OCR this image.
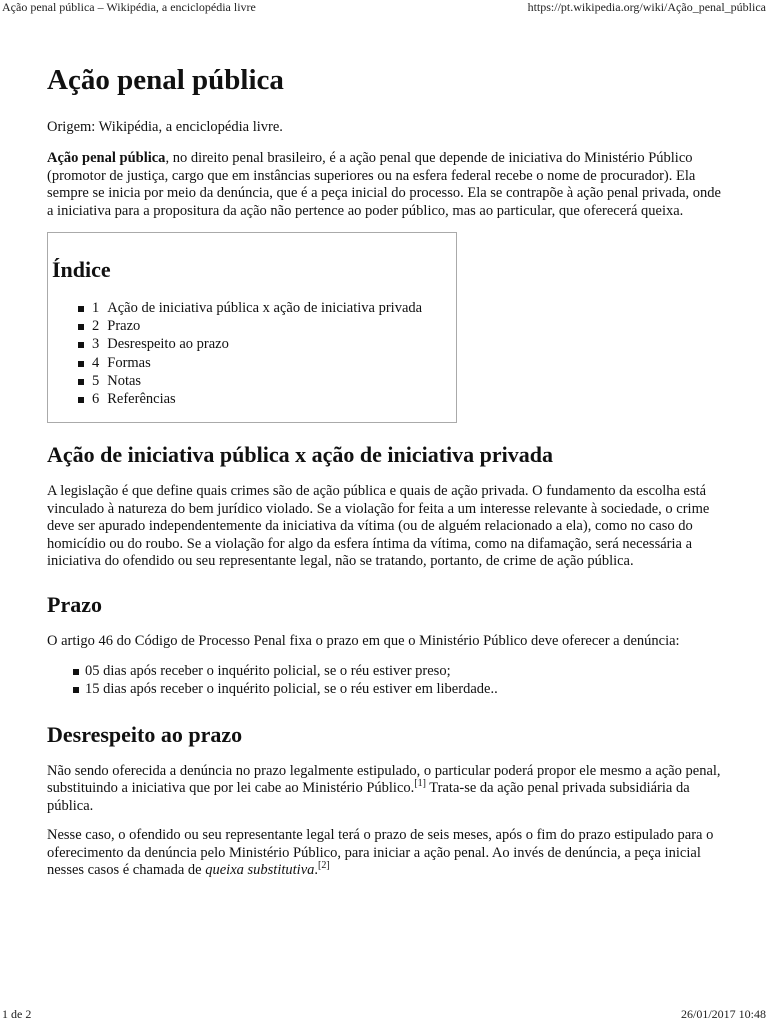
Ação penal pública – Wikipédia, a enciclopédia livre	https://pt.wikipedia.org/wiki/Ação_penal_pública
Ação penal pública
Origem: Wikipédia, a enciclopédia livre.

Ação penal pública, no direito penal brasileiro, é a ação penal que depende de iniciativa do Ministério Público (promotor de justiça, cargo que em instâncias superiores ou na esfera federal recebe o nome de procurador). Ela sempre se inicia por meio da denúncia, que é a peça inicial do processo. Ela se contrapõe à ação penal privada, onde a iniciativa para a propositura da ação não pertence ao poder público, mas ao particular, que oferecerá queixa.

Índice
1 Ação de iniciativa pública x ação de iniciativa privada
2 Prazo
3 Desrespeito ao prazo
4 Formas
5 Notas
6 Referências
Ação de iniciativa pública x ação de iniciativa privada

A legislação é que define quais crimes são de ação pública e quais de ação privada. O fundamento da escolha está vinculado à natureza do bem jurídico violado. Se a violação for feita a um interesse relevante à sociedade, o crime deve ser apurado independentemente da iniciativa da vítima (ou de alguém relacionado a ela), como no caso do homicídio ou do roubo. Se a violação for algo da esfera íntima da vítima, como na difamação, será necessária a iniciativa do ofendido ou seu representante legal, não se tratando, portanto, de crime de ação pública.

Prazo

O artigo 46 do Código de Processo Penal fixa o prazo em que o Ministério Público deve oferecer a denúncia:

05 dias após receber o inquérito policial, se o réu estiver preso;
15 dias após receber o inquérito policial, se o réu estiver em liberdade..
Desrespeito ao prazo

Não sendo oferecida a denúncia no prazo legalmente estipulado, o particular poderá propor ele mesmo a ação penal, substituindo a iniciativa que por lei cabe ao Ministério Público.[1] Trata-se da ação penal privada subsidiária da pública.

Nesse caso, o ofendido ou seu representante legal terá o prazo de seis meses, após o fim do prazo estipulado para o oferecimento da denúncia pelo Ministério Público, para iniciar a ação penal. Ao invés de denúncia, a peça inicial nesses casos é chamada de queixa substitutiva.[2]

1 de 2	26/01/2017 10:48
